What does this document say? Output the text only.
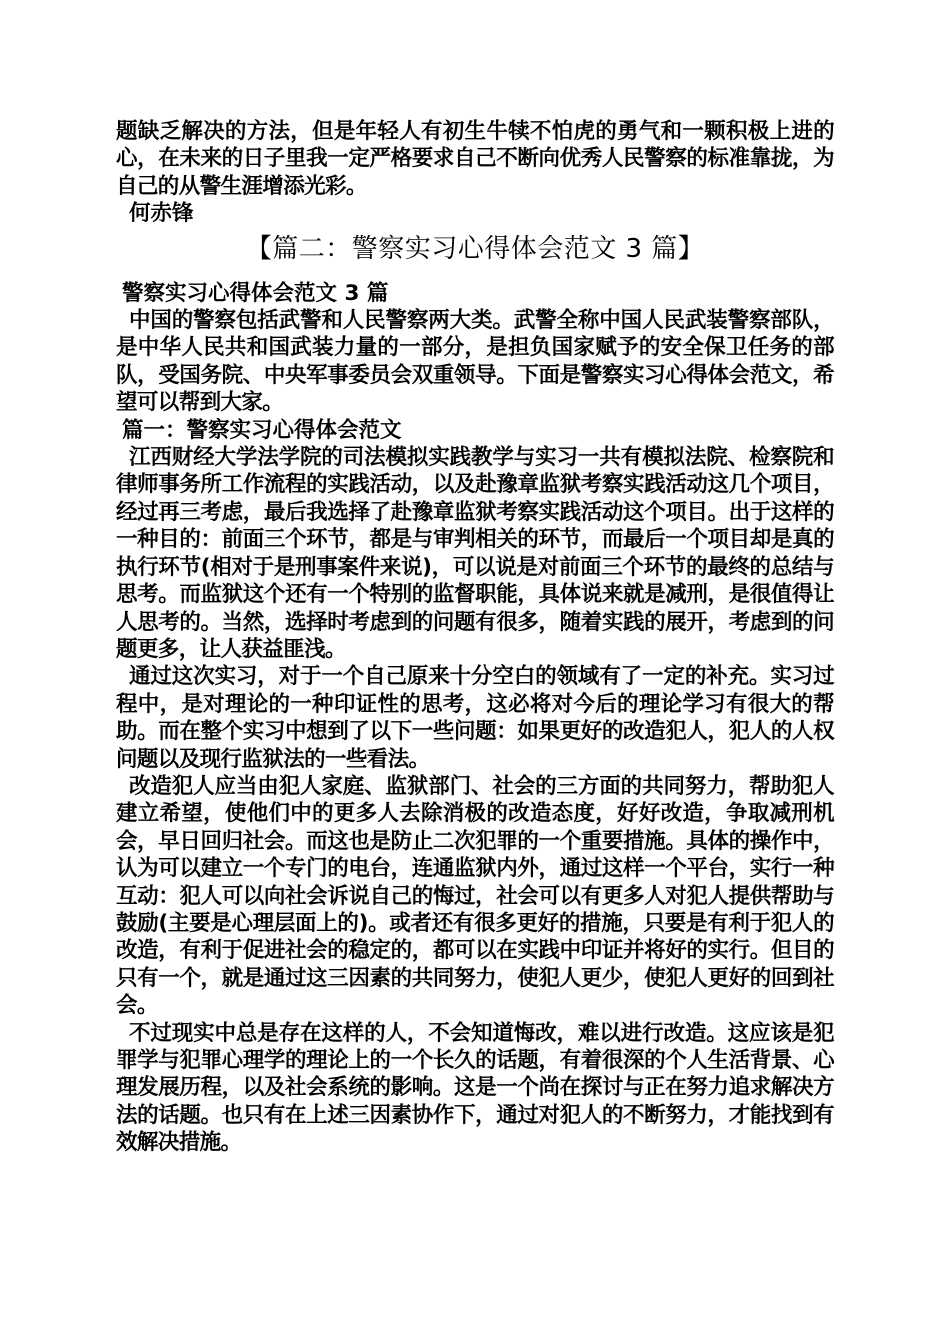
题缺乏解决的方法，但是年轻人有初生牛犊不怕虎的勇气和一颗积极上进的心，在未来的日子里我一定严格要求自己不断向优秀人民警察的标准靠拢，为自己的从警生涯增添光彩。

何赤锋

【篇二：警察实习心得体会范文 3 篇】
警察实习心得体会范文 3 篇

中国的警察包括武警和人民警察两大类。武警全称中国人民武装警察部队，是中华人民共和国武装力量的一部分，是担负国家赋予的安全保卫任务的部队，受国务院、中央军事委员会双重领导。下面是警察实习心得体会范文，希望可以帮到大家。

篇一：警察实习心得体会范文

江西财经大学法学院的司法模拟实践教学与实习一共有模拟法院、检察院和律师事务所工作流程的实践活动，以及赴豫章监狱考察实践活动这几个项目，经过再三考虑，最后我选择了赴豫章监狱考察实践活动这个项目。出于这样的一种目的：前面三个环节，都是与审判相关的环节，而最后一个项目却是真的执行环节(相对于是刑事案件来说)，可以说是对前面三个环节的最终的总结与思考。而监狱这个还有一个特别的监督职能，具体说来就是减刑，是很值得让人思考的。当然，选择时考虑到的问题有很多，随着实践的展开，考虑到的问题更多，让人获益匪浅。

通过这次实习，对于一个自己原来十分空白的领域有了一定的补充。实习过程中，是对理论的一种印证性的思考，这必将对今后的理论学习有很大的帮助。而在整个实习中想到了以下一些问题：如果更好的改造犯人，犯人的人权问题以及现行监狱法的一些看法。

改造犯人应当由犯人家庭、监狱部门、社会的三方面的共同努力，帮助犯人建立希望，使他们中的更多人去除消极的改造态度，好好改造，争取减刑机会，早日回归社会。而这也是防止二次犯罪的一个重要措施。具体的操作中，认为可以建立一个专门的电台，连通监狱内外，通过这样一个平台，实行一种互动：犯人可以向社会诉说自己的悔过，社会可以有更多人对犯人提供帮助与鼓励(主要是心理层面上的)。或者还有很多更好的措施，只要是有利于犯人的改造，有利于促进社会的稳定的，都可以在实践中印证并将好的实行。但目的只有一个，就是通过这三因素的共同努力，使犯人更少，使犯人更好的回到社会。

不过现实中总是存在这样的人，不会知道悔改，难以进行改造。这应该是犯罪学与犯罪心理学的理论上的一个长久的话题，有着很深的个人生活背景、心理发展历程，以及社会系统的影响。这是一个尚在探讨与正在努力追求解决方法的话题。也只有在上述三因素协作下，通过对犯人的不断努力，才能找到有效解决措施。
